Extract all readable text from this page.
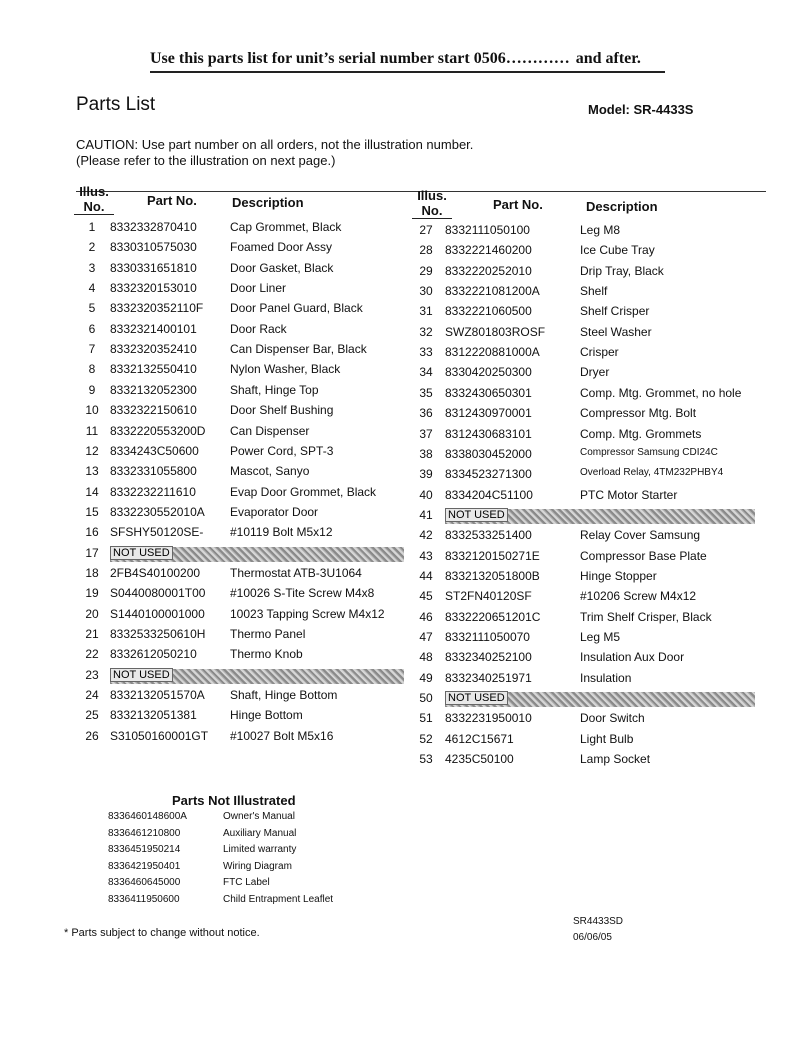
Use this parts list for unit’s serial number start 0506………… and after.
Parts List	Model: SR-4433S
CAUTION: Use part number on all orders, not the illustration number.
(Please refer to the illustration on next page.)
Illus.
No.	Part No.	Description	Illus.
No.	Part No.	Description
1	8332332870410	Cap Grommet, Black
2	8330310575030	Foamed Door Assy
3	8330331651810	Door Gasket, Black
4	8332320153010	Door Liner
5	8332320352110F Door Panel Guard, Black
6	8332321400101	Door Rack
7	8332320352410	Can Dispenser Bar, Black
8	8332132550410	Nylon Washer, Black
9	8332132052300	Shaft, Hinge Top
10 8332322150610	Door Shelf Bushing
11 8332220553200D Can Dispenser
12 8334243C50600	Power Cord, SPT-3
13 8332331055800	Mascot, Sanyo
14 8332232211610	Evap Door Grommet, Black
15 8332230552010A Evaporator Door
16 SFSHY50120SE- #10119 Bolt M5x12
17	NOT USED
18 2FB4S40100200 Thermostat ATB-3U1064
19 S0440080001T00 #10026 S-Tite Screw M4x8
20 S1440100001000 10023 Tapping Screw M4x12
21 8332533250610H Thermo Panel
22 8332612050210	Thermo Knob
23	NOT USED
24 8332132051570A Shaft, Hinge Bottom
25 8332132051381	Hinge Bottom
26 S31050160001GT #10027 Bolt M5x16
27	8332111050100	Leg M8
28	8332221460200	Ice Cube Tray
29	8332220252010	Drip Tray, Black
30	8332221081200A	Shelf
31	8332221060500	Shelf Crisper
32	SWZ801803ROSF	Steel Washer
33	8312220881000A	Crisper
34	8330420250300	Dryer
35	8332430650301	Comp. Mtg. Grommet, no hole
36	8312430970001	Compressor Mtg. Bolt
37	8312430683101	Comp. Mtg. Grommets
38	8338030452000	Compressor Samsung CDI24C
39	8334523271300	Overload Relay, 4TM232PHBY4
40	8334204C51100	PTC Motor Starter
41	NOT USED
42	8332533251400	Relay Cover Samsung
43	8332120150271E	Compressor Base Plate
44	8332132051800B	Hinge Stopper
45	ST2FN40120SF	#10206 Screw M4x12
46	8332220651201C	Trim Shelf Crisper, Black
47	8332111050070	Leg M5
48	8332340252100	Insulation Aux Door
49	8332340251971	Insulation
50	NOT USED
51	8332231950010	Door Switch
52	4612C15671	Light Bulb
53	4235C50100	Lamp Socket
Parts Not Illustrated
8336460148600A	Owner's Manual
8336461210800	Auxiliary Manual
8336451950214	Limited warranty
8336421950401	Wiring Diagram
8336460645000	FTC Label
8336411950600	Child Entrapment Leaflet
* Parts subject to change without notice.
SR4433SD
06/06/05
